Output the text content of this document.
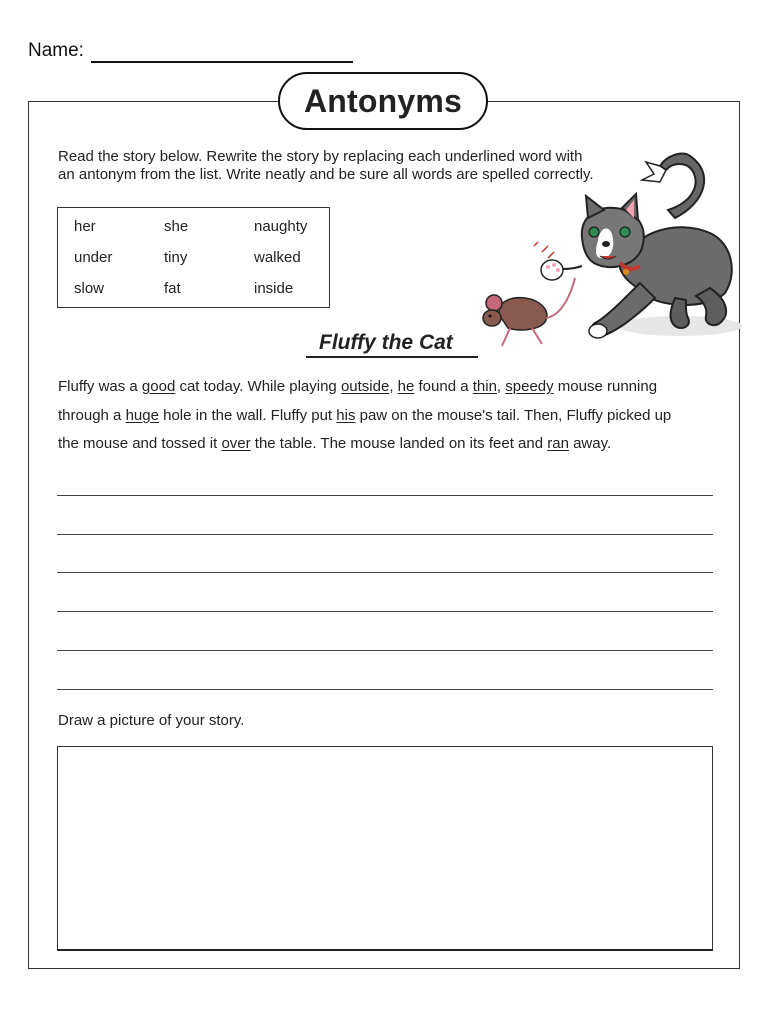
Name:
Antonyms
Read the story below. Rewrite the story by replacing each underlined word with
an antonym from the list. Write neatly and be sure all words are spelled correctly.
her	she	naughty
under	tiny	walked
slow	fat	inside
Fluffy the Cat
Fluffy was a good cat today. While playing outside, he found a thin, speedy mouse running
through a huge hole in the wall. Fluffy put his paw on the mouse's tail. Then, Fluffy picked up
the mouse and tossed it over the table. The mouse landed on its feet and ran away.
Draw a picture of your story.
